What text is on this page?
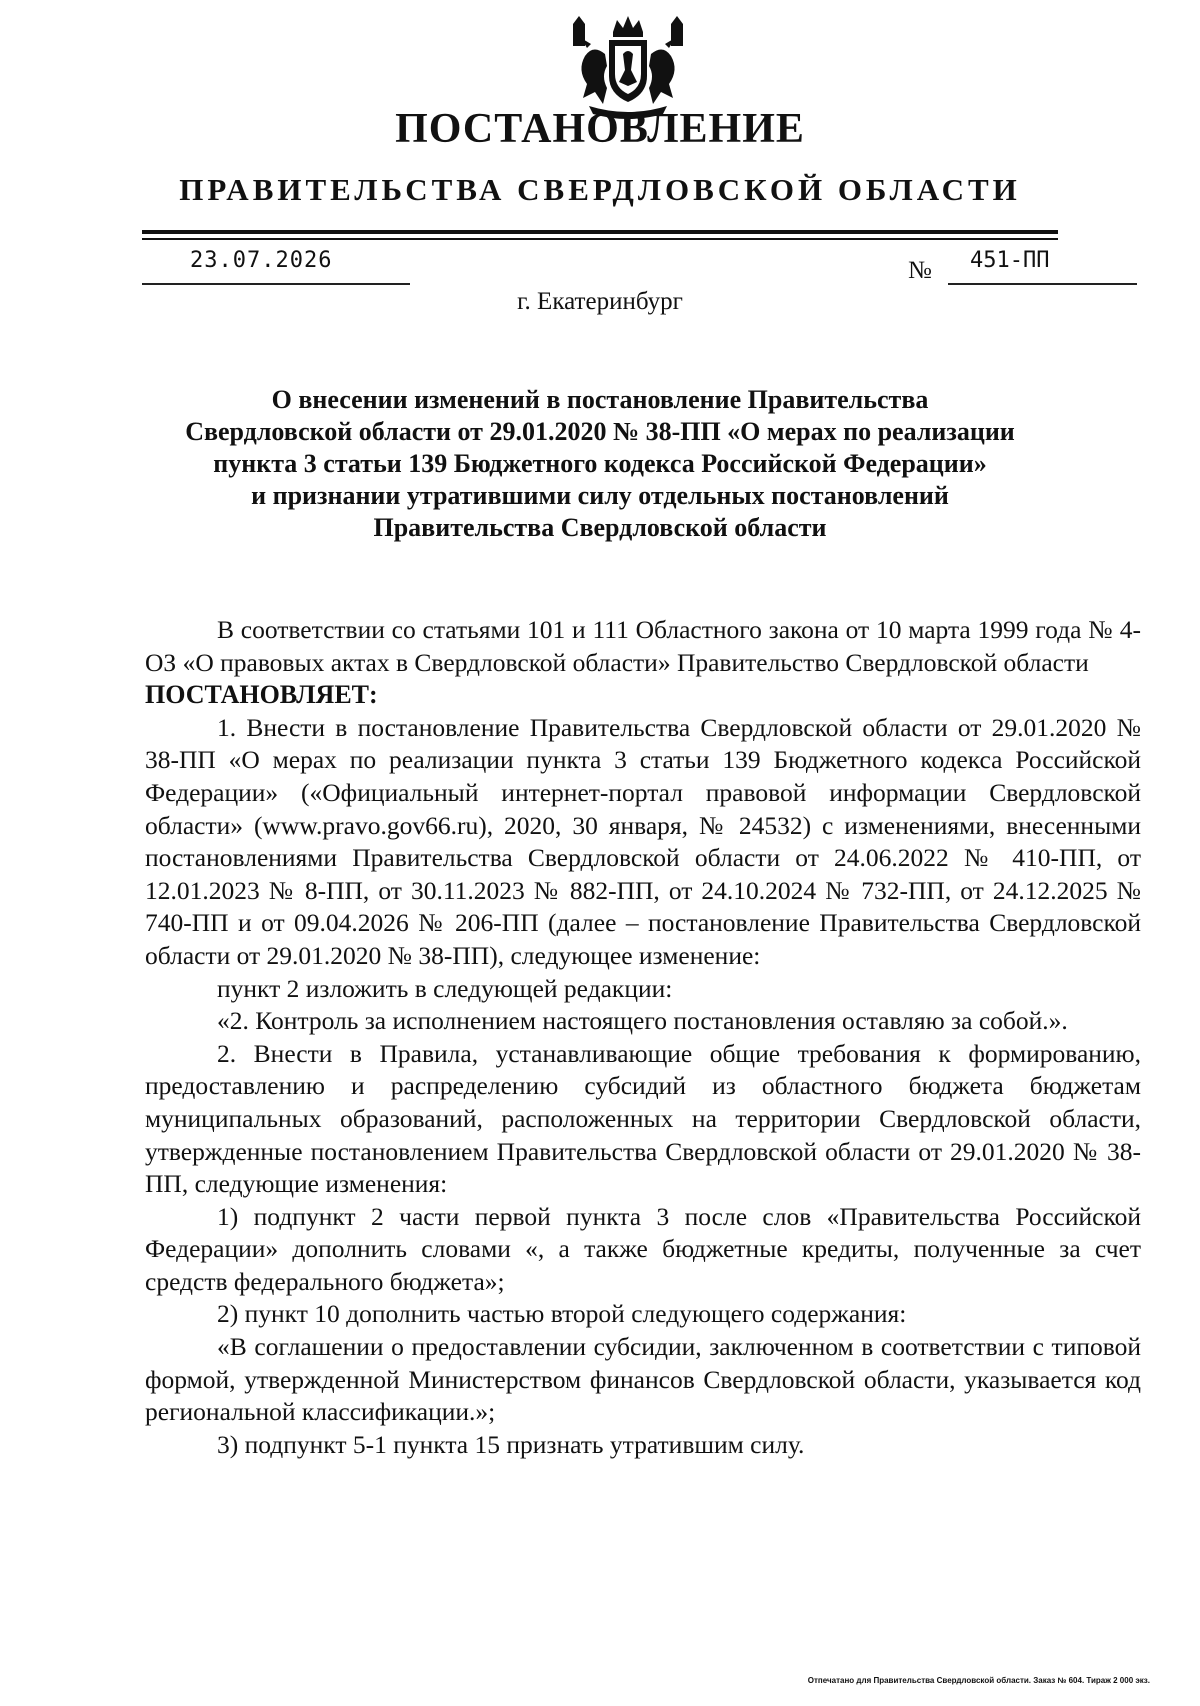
ПОСТАНОВЛЕНИЕ
ПРАВИТЕЛЬСТВА СВЕРДЛОВСКОЙ ОБЛАСТИ
23.07.2026	№ 451-ПП
г. Екатеринбург
О внесении изменений в постановление Правительства
Свердловской области от 29.01.2020 № 38-ПП «О мерах по реализации
пункта 3 статьи 139 Бюджетного кодекса Российской Федерации»
и признании утратившими силу отдельных постановлений
Правительства Свердловской области

В соответствии со статьями 101 и 111 Областного закона от 10 марта 1999 года № 4-ОЗ «О правовых актах в Свердловской области» Правительство Свердловской области

ПОСТАНОВЛЯЕТ:

1. Внести в постановление Правительства Свердловской области от 29.01.2020 № 38-ПП «О мерах по реализации пункта 3 статьи 139 Бюджетного кодекса Российской Федерации» («Официальный интернет-портал правовой информации Свердловской области» (www.pravo.gov66.ru), 2020, 30 января, № 24532) с изменениями, внесенными постановлениями Правительства Свердловской области от 24.06.2022 № 410-ПП, от 12.01.2023 № 8-ПП, от 30.11.2023 № 882-ПП, от 24.10.2024 № 732-ПП, от 24.12.2025 № 740-ПП и от 09.04.2026 № 206-ПП (далее – постановление Правительства Свердловской области от 29.01.2020 № 38-ПП), следующее изменение:

пункт 2 изложить в следующей редакции:

«2. Контроль за исполнением настоящего постановления оставляю за собой.».

2. Внести в Правила, устанавливающие общие требования к формированию, предоставлению и распределению субсидий из областного бюджета бюджетам муниципальных образований, расположенных на территории Свердловской области, утвержденные постановлением Правительства Свердловской области от 29.01.2020 № 38-ПП, следующие изменения:

1) подпункт 2 части первой пункта 3 после слов «Правительства Российской Федерации» дополнить словами «, а также бюджетные кредиты, полученные за счет средств федерального бюджета»;

2) пункт 10 дополнить частью второй следующего содержания:

«В соглашении о предоставлении субсидии, заключенном в соответствии с типовой формой, утвержденной Министерством финансов Свердловской области, указывается код региональной классификации.»;

3) подпункт 5-1 пункта 15 признать утратившим силу.

Отпечатано для Правительства Свердловской области. Заказ № 604. Тираж 2 000 экз.
